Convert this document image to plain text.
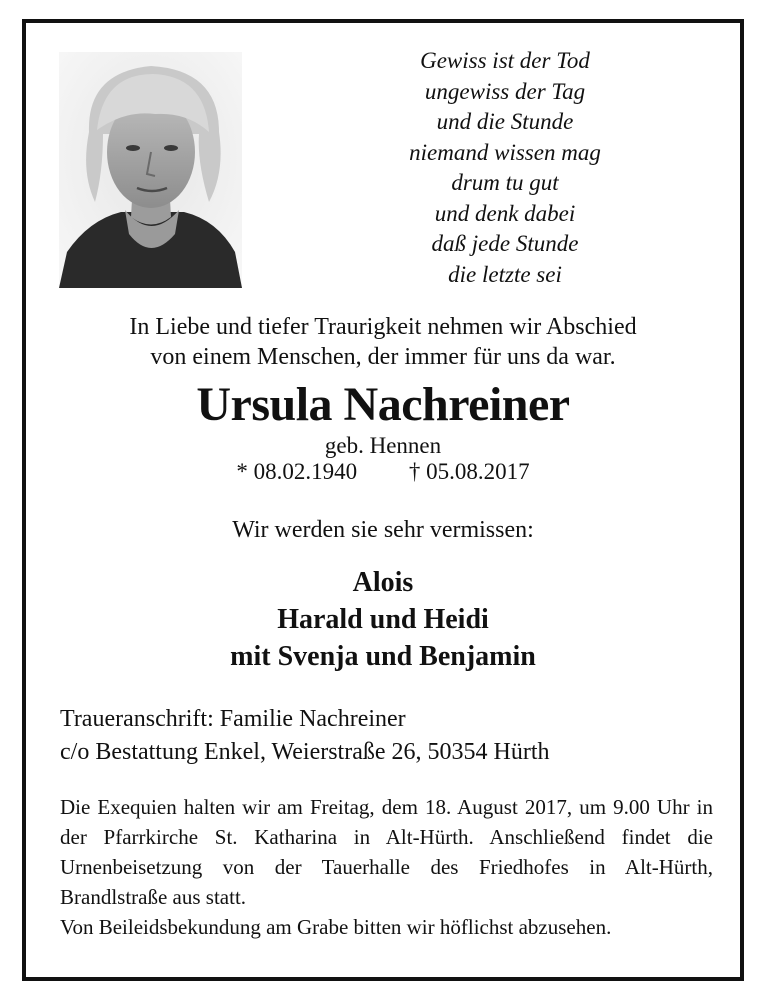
Gewiss ist der Tod
ungewiss der Tag
und die Stunde
niemand wissen mag
drum tu gut
und denk dabei
daß jede Stunde
die letzte sei
In Liebe und tiefer Traurigkeit nehmen wir Abschied
von einem Menschen, der immer für uns da war.
Ursula Nachreiner
geb. Hennen
* 08.02.1940 † 05.08.2017
Wir werden sie sehr vermissen:
Alois
Harald und Heidi
mit Svenja und Benjamin
Traueranschrift: Familie Nachreiner
c/o Bestattung Enkel, Weierstraße 26, 50354 Hürth

Die Exequien halten wir am Freitag, dem 18. August 2017, um 9.00 Uhr in der Pfarrkirche St. Katharina in Alt-Hürth. Anschließend findet die Urnenbeisetzung von der Tauerhalle des Friedhofes in Alt-Hürth, Brandlstraße aus statt.

Von Beileidsbekundung am Grabe bitten wir höflichst abzusehen.
